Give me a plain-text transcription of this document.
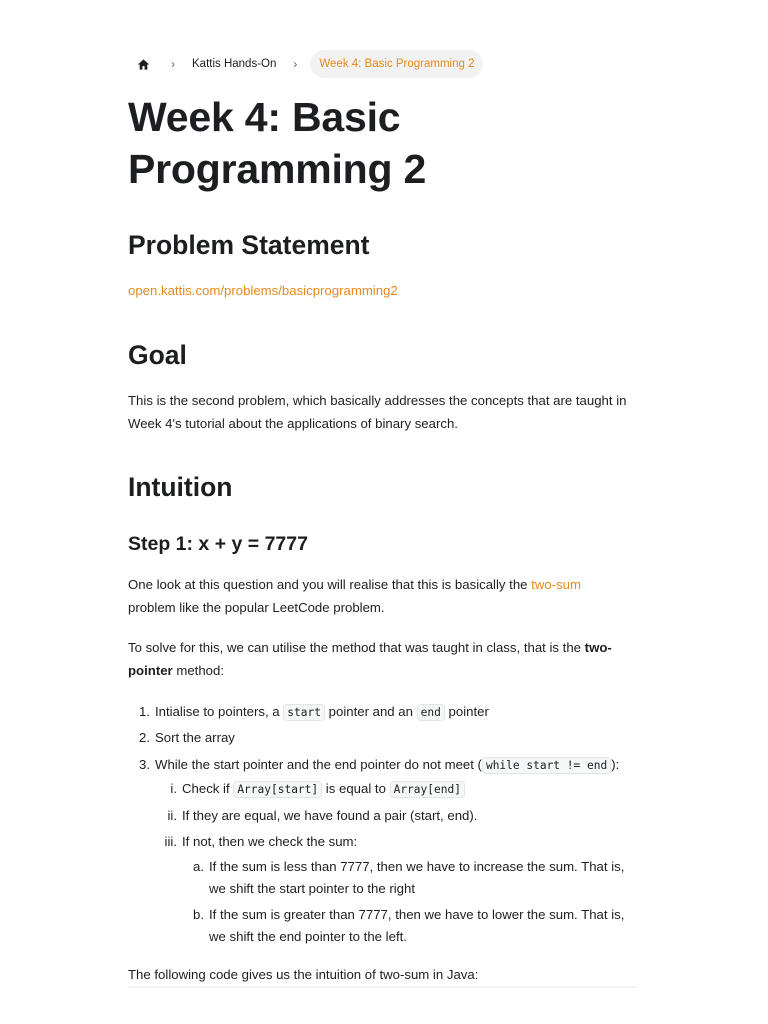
›	Kattis Hands-On	›	Week 4: Basic Programming 2
Week 4: Basic Programming 2
Problem Statement

open.kattis.com/problems/basicprogramming2

Goal

This is the second problem, which basically addresses the concepts that are taught in Week 4's tutorial about the applications of binary search.

Intuition
Step 1: x + y = 7777

One look at this question and you will realise that this is basically the two-sum
problem like the popular LeetCode problem.

To solve for this, we can utilise the method that was taught in class, that is the two-
pointer method:

1. Intialise to pointers, a start pointer and an end pointer
2. Sort the array
3. While the start pointer and the end pointer do not meet ( while start != end ):
i. Check if Array[start] is equal to Array[end]
ii. If they are equal, we have found a pair (start, end).
iii. If not, then we check the sum:
a. If the sum is less than 7777, then we have to increase the sum. That is,
we shift the start pointer to the right
b. If the sum is greater than 7777, then we have to lower the sum. That is,
we shift the end pointer to the left.

The following code gives us the intuition of two-sum in Java:
